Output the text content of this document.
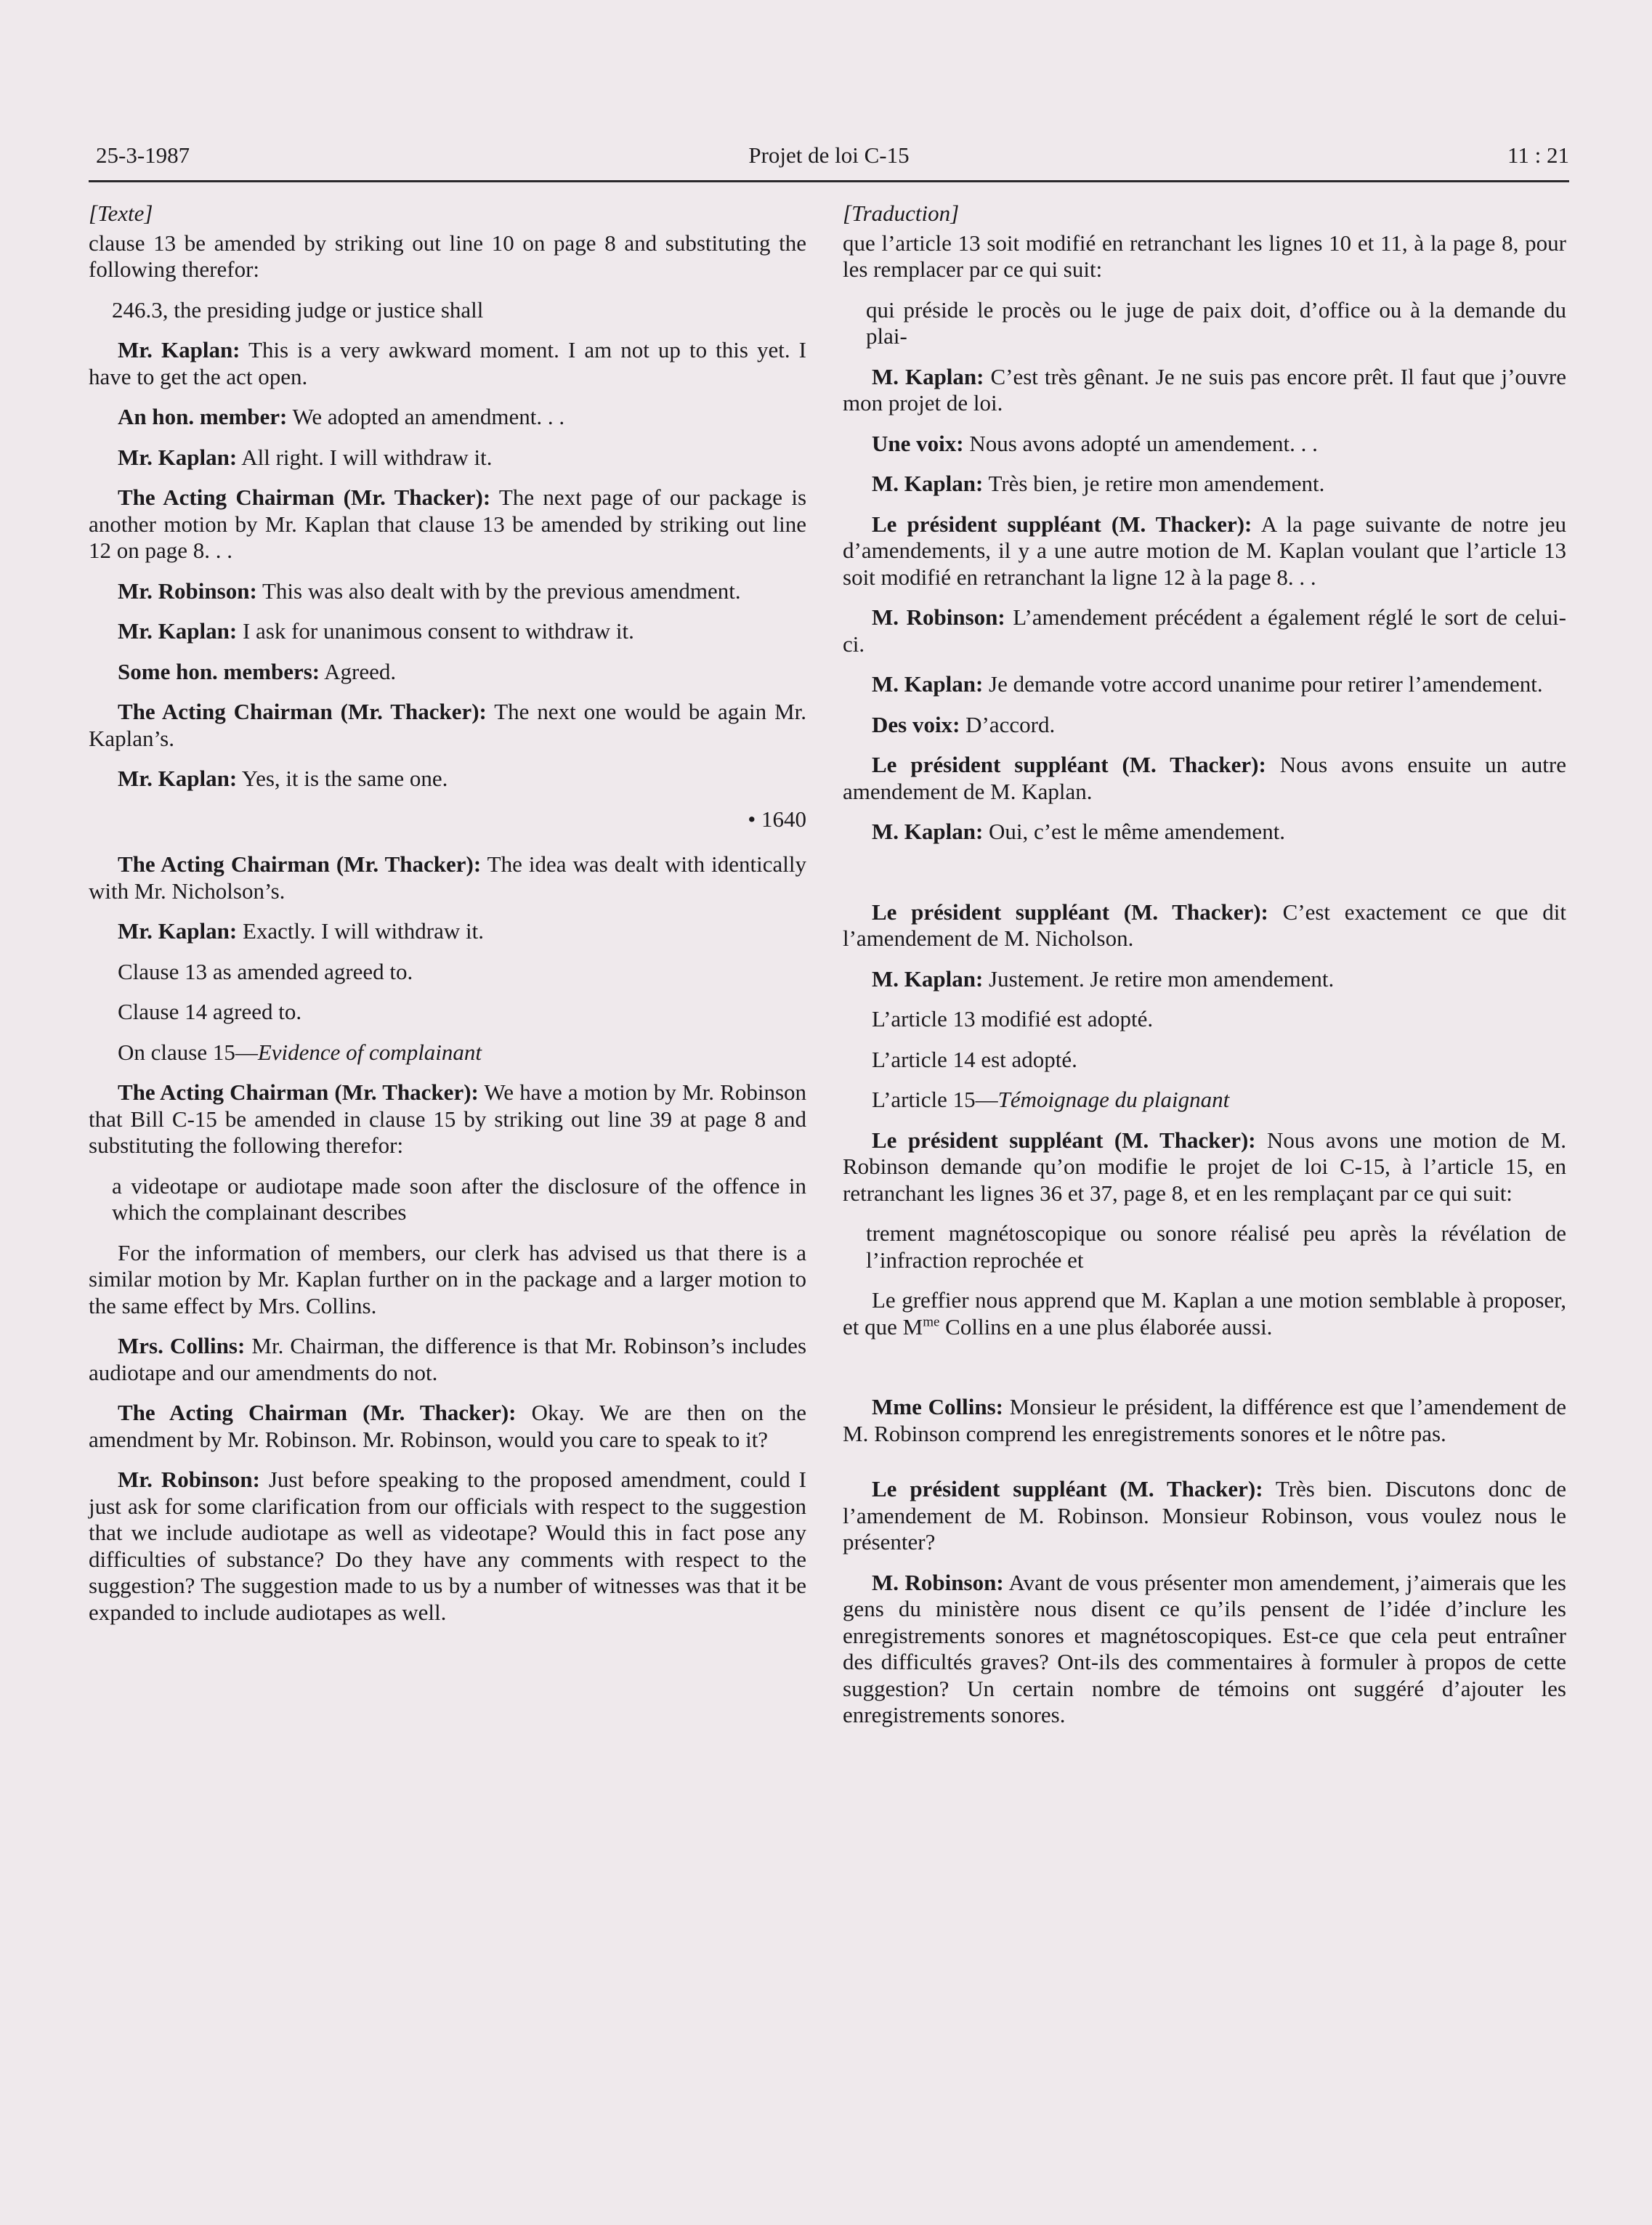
25-3-1987	Projet de loi C-15	11 : 21

[Texte]

clause 13 be amended by striking out line 10 on page 8 and substituting the following therefor:

246.3, the presiding judge or justice shall

Mr. Kaplan: This is a very awkward moment. I am not up to this yet. I have to get the act open.

An hon. member: We adopted an amendment. . .

Mr. Kaplan: All right. I will withdraw it.

The Acting Chairman (Mr. Thacker): The next page of our package is another motion by Mr. Kaplan that clause 13 be amended by striking out line 12 on page 8. . .

Mr. Robinson: This was also dealt with by the previous amendment.

Mr. Kaplan: I ask for unanimous consent to withdraw it.

Some hon. members: Agreed.

The Acting Chairman (Mr. Thacker): The next one would be again Mr. Kaplan’s.

Mr. Kaplan: Yes, it is the same one.

• 1640

The Acting Chairman (Mr. Thacker): The idea was dealt with identically with Mr. Nicholson’s.

Mr. Kaplan: Exactly. I will withdraw it.

Clause 13 as amended agreed to.

Clause 14 agreed to.

On clause 15—Evidence of complainant

The Acting Chairman (Mr. Thacker): We have a motion by Mr. Robinson that Bill C-15 be amended in clause 15 by striking out line 39 at page 8 and substituting the following therefor:

a videotape or audiotape made soon after the disclosure of the offence in which the complainant describes

For the information of members, our clerk has advised us that there is a similar motion by Mr. Kaplan further on in the package and a larger motion to the same effect by Mrs. Collins.

Mrs. Collins: Mr. Chairman, the difference is that Mr. Robinson’s includes audiotape and our amendments do not.

The Acting Chairman (Mr. Thacker): Okay. We are then on the amendment by Mr. Robinson. Mr. Robinson, would you care to speak to it?

Mr. Robinson: Just before speaking to the proposed amendment, could I just ask for some clarification from our officials with respect to the suggestion that we include audiotape as well as videotape? Would this in fact pose any difficulties of substance? Do they have any comments with respect to the suggestion? The suggestion made to us by a number of witnesses was that it be expanded to include audiotapes as well.

[Traduction]

que l’article 13 soit modifié en retranchant les lignes 10 et 11, à la page 8, pour les remplacer par ce qui suit:

qui préside le procès ou le juge de paix doit, d’office ou à la demande du plai-

M. Kaplan: C’est très gênant. Je ne suis pas encore prêt. Il faut que j’ouvre mon projet de loi.

Une voix: Nous avons adopté un amendement. . .

M. Kaplan: Très bien, je retire mon amendement.

Le président suppléant (M. Thacker): A la page suivante de notre jeu d’amendements, il y a une autre motion de M. Kaplan voulant que l’article 13 soit modifié en retranchant la ligne 12 à la page 8. . .

M. Robinson: L’amendement précédent a également réglé le sort de celui-ci.

M. Kaplan: Je demande votre accord unanime pour retirer l’amendement.

Des voix: D’accord.

Le président suppléant (M. Thacker): Nous avons ensuite un autre amendement de M. Kaplan.

M. Kaplan: Oui, c’est le même amendement.

Le président suppléant (M. Thacker): C’est exactement ce que dit l’amendement de M. Nicholson.

M. Kaplan: Justement. Je retire mon amendement.

L’article 13 modifié est adopté.

L’article 14 est adopté.

L’article 15—Témoignage du plaignant

Le président suppléant (M. Thacker): Nous avons une motion de M. Robinson demande qu’on modifie le projet de loi C-15, à l’article 15, en retranchant les lignes 36 et 37, page 8, et en les remplaçant par ce qui suit:

trement magnétoscopique ou sonore réalisé peu après la révélation de l’infraction reprochée et

Le greffier nous apprend que M. Kaplan a une motion semblable à proposer, et que $M^{me}$ Collins en a une plus élaborée aussi.

Mme Collins: Monsieur le président, la différence est que l’amendement de M. Robinson comprend les enregistrements sonores et le nôtre pas.

Le président suppléant (M. Thacker): Très bien. Discutons donc de l’amendement de M. Robinson. Monsieur Robinson, vous voulez nous le présenter?

M. Robinson: Avant de vous présenter mon amendement, j’aimerais que les gens du ministère nous disent ce qu’ils pensent de l’idée d’inclure les enregistrements sonores et magnétoscopiques. Est-ce que cela peut entraîner des difficultés graves? Ont-ils des commentaires à formuler à propos de cette suggestion? Un certain nombre de témoins ont suggéré d’ajouter les enregistrements sonores.
